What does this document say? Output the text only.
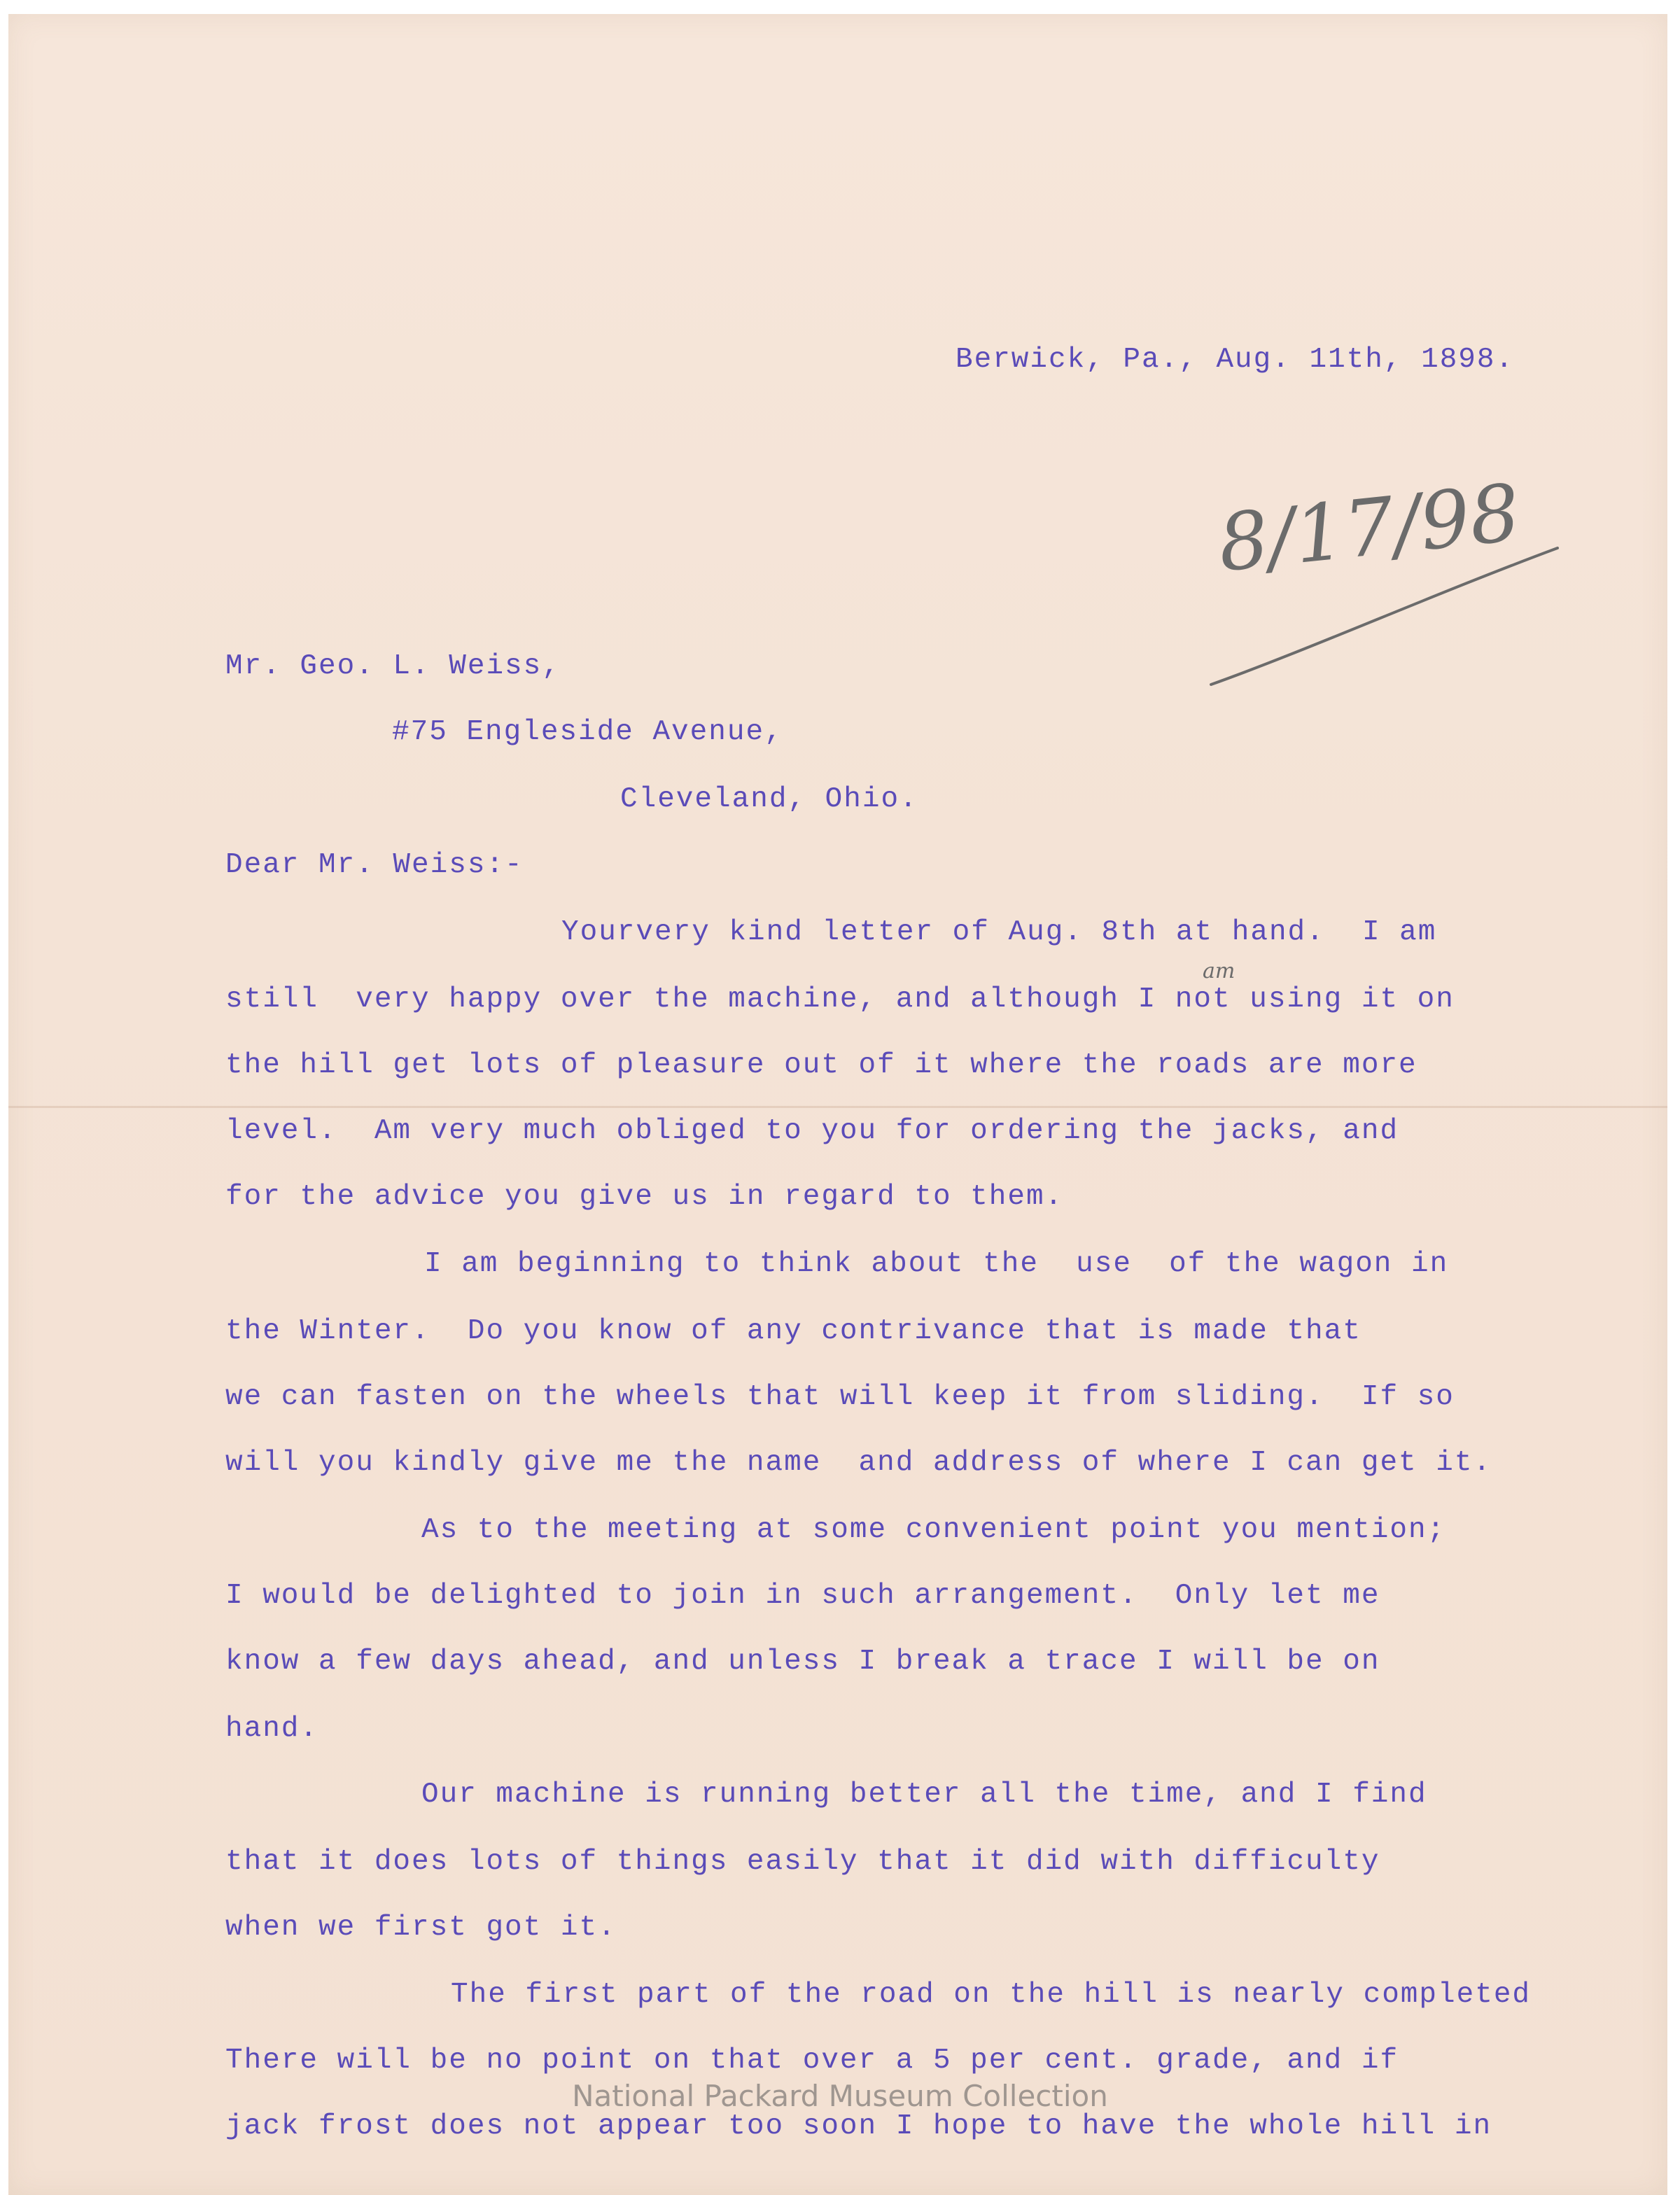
Berwick, Pa., Aug. 11th, 1898.
8/17/98
Mr. Geo. L. Weiss,
#75 Engleside Avenue,
Cleveland, Ohio.
Dear Mr. Weiss:-
Yourvery kind letter of Aug. 8th at hand.  I am
am
still  very happy over the machine, and although I not using it on
the hill get lots of pleasure out of it where the roads are more
level.  Am very much obliged to you for ordering the jacks, and
for the advice you give us in regard to them.
I am beginning to think about the  use  of the wagon in
the Winter.  Do you know of any contrivance that is made that
we can fasten on the wheels that will keep it from sliding.  If so
will you kindly give me the name  and address of where I can get it.
As to the meeting at some convenient point you mention;
I would be delighted to join in such arrangement.  Only let me
know a few days ahead, and unless I break a trace I will be on
hand.
Our machine is running better all the time, and I find
that it does lots of things easily that it did with difficulty
when we first got it.
The first part of the road on the hill is nearly completed
There will be no point on that over a 5 per cent. grade, and if
jack frost does not appear too soon I hope to have the whole hill in
National Packard Museum Collection
